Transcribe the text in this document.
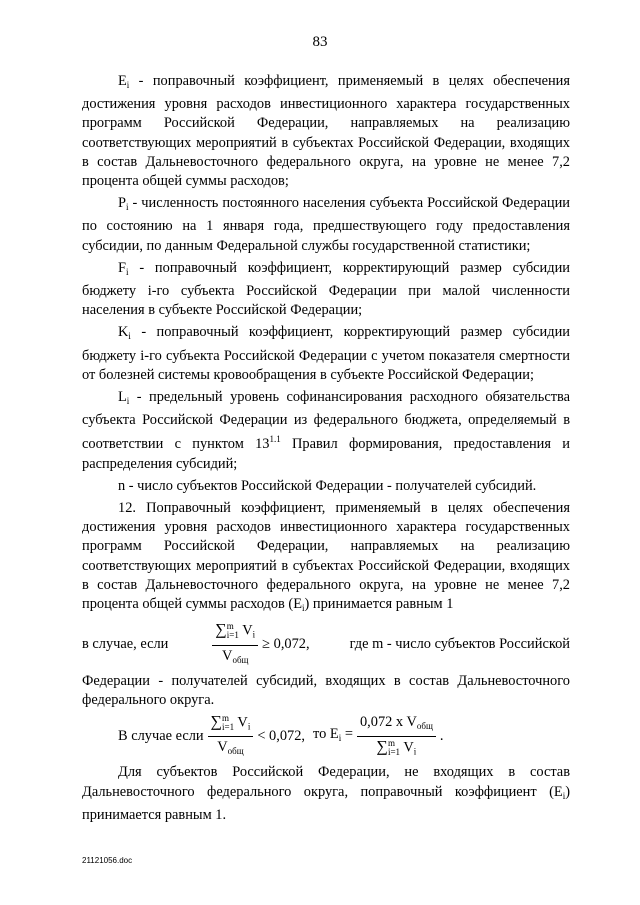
83

$E_i$ - поправочный коэффициент, применяемый в целях обеспечения достижения уровня расходов инвестиционного характера государственных программ Российской Федерации, направляемых на реализацию соответствующих мероприятий в субъектах Российской Федерации, входящих в состав Дальневосточного федерального округа, на уровне не менее 7,2 процента общей суммы расходов;

$P_i$ - численность постоянного населения субъекта Российской Федерации по состоянию на 1 января года, предшествующего году предоставления субсидии, по данным Федеральной службы государственной статистики;

$F_i$ - поправочный коэффициент, корректирующий размер субсидии бюджету i-го субъекта Российской Федерации при малой численности населения в субъекте Российской Федерации;

$K_i$ - поправочный коэффициент, корректирующий размер субсидии бюджету i-го субъекта Российской Федерации с учетом показателя смертности от болезней системы кровообращения в субъекте Российской Федерации;

$L_i$ - предельный уровень софинансирования расходного обязательства субъекта Российской Федерации из федерального бюджета, определяемый в соответствии с пунктом $13^{1.1}$ Правил формирования, предоставления и распределения субсидий;

n - число субъектов Российской Федерации - получателей субсидий.

12. Поправочный коэффициент, применяемый в целях обеспечения достижения уровня расходов инвестиционного характера государственных программ Российской Федерации, направляемых на реализацию соответствующих мероприятий в субъектах Российской Федерации, входящих в состав Дальневосточного федерального округа, на уровне не менее 7,2 процента общей суммы расходов $(E_i)$ принимается равным 1

в случае, если	∑ m
i=1 $V_i$
$V_{общ} \ge 0,072$,	где m - число субъектов Российской

Федерации - получателей субсидий, входящих в состав Дальневосточного федерального округа.

В случае если ∑ m
i=1 $V_i$
$V_{общ} < 0,072$, то $E_i = 0,072$ x $V_{общ}$
∑ m
i=1 $V_i$ .

Для субъектов Российской Федерации, не входящих в состав Дальневосточного федерального округа, поправочный коэффициент $(E_i)$ принимается равным 1.

21121056.doc
